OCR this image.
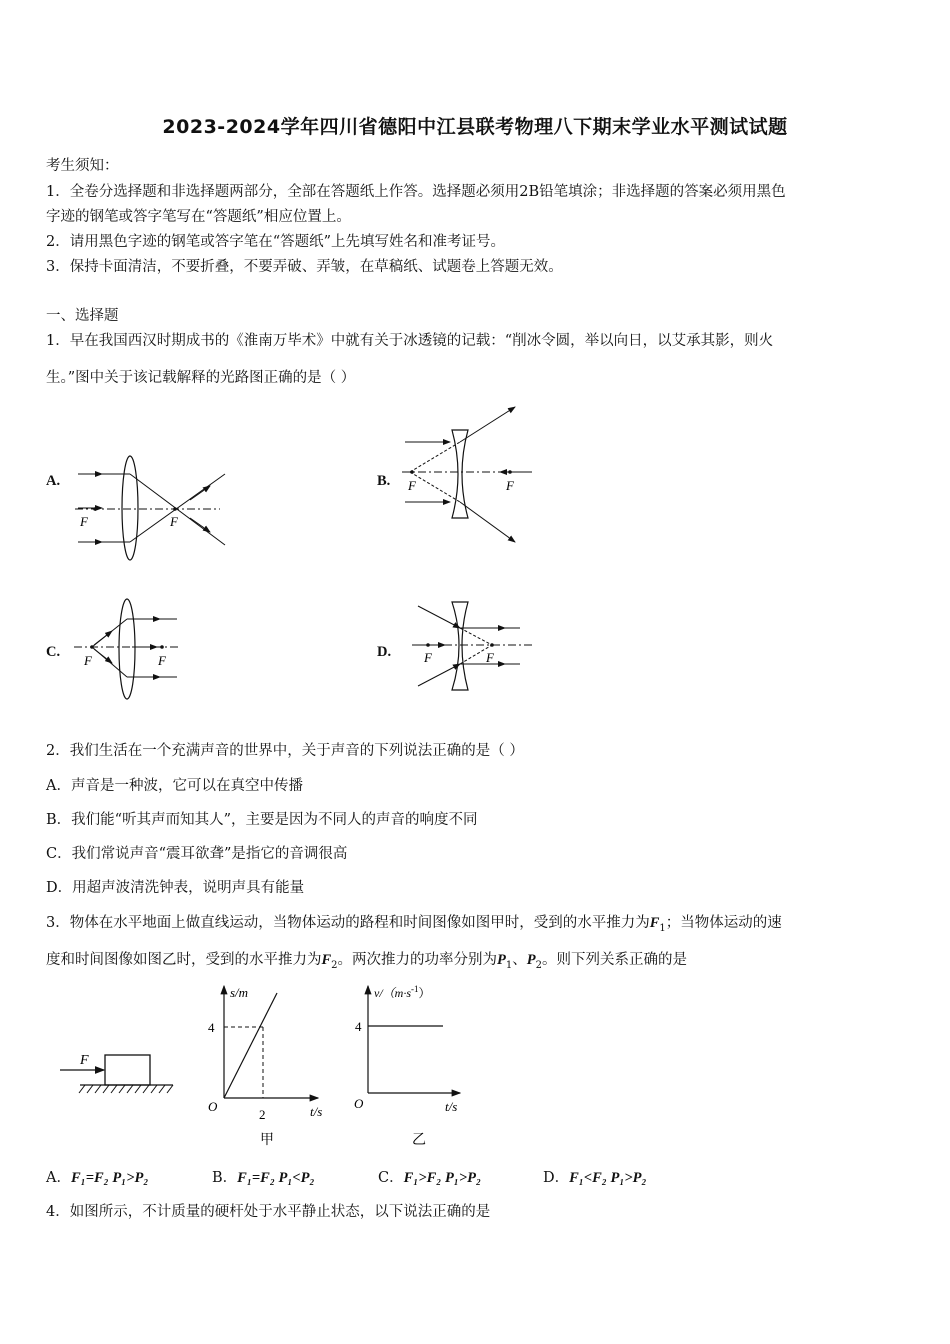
2023-2024学年四川省德阳中江县联考物理八下期末学业水平测试试题
考生须知：
1．全卷分选择题和非选择题两部分，全部在答题纸上作答。选择题必须用2B铅笔填涂；非选择题的答案必须用黑色
字迹的钢笔或答字笔写在“答题纸”相应位置上。
2．请用黑色字迹的钢笔或答字笔在“答题纸”上先填写姓名和准考证号。
3．保持卡面清洁，不要折叠，不要弄破、弄皱，在草稿纸、试题卷上答题无效。
一、选择题
1．早在我国西汉时期成书的《淮南万毕术》中就有关于冰透镜的记载：“削冰令圆，举以向日，以艾承其影，则火
生。”图中关于该记载解释的光路图正确的是（ ）
A.	B.
C.	D.
F	F
F	F
F	F	F	F
2．我们生活在一个充满声音的世界中，关于声音的下列说法正确的是（ ）
A．声音是一种波，它可以在真空中传播
B．我们能“听其声而知其人”，主要是因为不同人的声音的响度不同
C．我们常说声音“震耳欲聋”是指它的音调很高
D．用超声波清洗钟表，说明声具有能量
3．物体在水平地面上做直线运动，当物体运动的路程和时间图像如图甲时，受到的水平推力为$F_1$；当物体运动的速
度和时间图像如图乙时，受到的水平推力为$F_2$。两次推力的功率分别为$P_1$、$P_2$。则下列关系正确的是
F
s/m
4
O
2	t/s
甲
$v/(m\cdot s^{-1})$
4
O	t/s
乙
A．F₁=F₂ P₁>P₂	B．F₁=F₂ P₁<P₂	C．F₁>F₂ P₁>P₂	D．F₁<F₂ P₁>P₂
4．如图所示，不计质量的硬杆处于水平静止状态，以下说法正确的是
